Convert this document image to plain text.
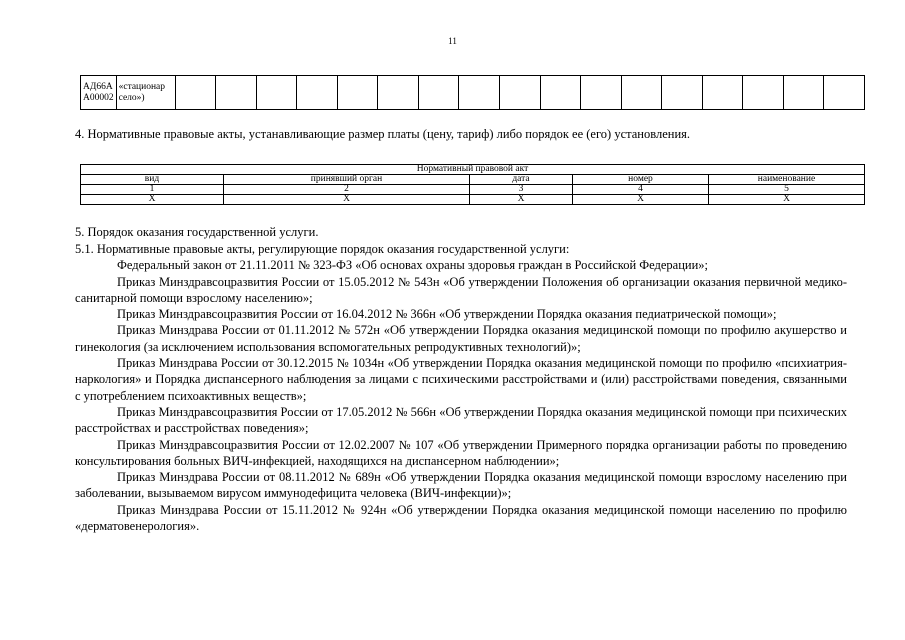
11
АД66А А00002	«стационар село»)																	
4. Нормативные правовые акты, устанавливающие размер платы (цену, тариф) либо порядок ее (его) установления.
Нормативный правовой акт				
вид	принявший орган	дата	номер	наименование
1	2	3	4	5
Х	Х	Х	Х	Х
5. Порядок оказания государственной услуги.

5.1. Нормативные правовые акты, регулирующие порядок оказания государственной услуги:

Федеральный закон от 21.11.2011 № 323-ФЗ «Об основах охраны здоровья граждан в Российской Федерации»;

Приказ Минздравсоцразвития России от 15.05.2012 № 543н «Об утверждении Положения об организации оказания первичной медико-санитарной помощи взрослому населению»;

Приказ Минздравсоцразвития России от 16.04.2012 № 366н «Об утверждении Порядка оказания педиатрической помощи»;

Приказ Минздрава России от 01.11.2012 № 572н «Об утверждении Порядка оказания медицинской помощи по профилю акушерство и гинекология (за исключением использования вспомогательных репродуктивных технологий)»;

Приказ Минздрава России от 30.12.2015 № 1034н «Об утверждении Порядка оказания медицинской помощи по профилю «психиатрия-наркология» и Порядка диспансерного наблюдения за лицами с психическими расстройствами и (или) расстройствами поведения, связанными с употреблением психоактивных веществ»;

Приказ Минздравсоцразвития России от 17.05.2012 № 566н «Об утверждении Порядка оказания медицинской помощи при психических расстройствах и расстройствах поведения»;

Приказ Минздравсоцразвития России от 12.02.2007 № 107 «Об утверждении Примерного порядка организации работы по проведению консультирования больных ВИЧ-инфекцией, находящихся на диспансерном наблюдении»;

Приказ Минздрава России от 08.11.2012 № 689н «Об утверждении Порядка оказания медицинской помощи взрослому населению при заболевании, вызываемом вирусом иммунодефицита человека (ВИЧ-инфекции)»;

Приказ Минздрава России от 15.11.2012 № 924н «Об утверждении Порядка оказания медицинской помощи населению по профилю «дерматовенерология».
